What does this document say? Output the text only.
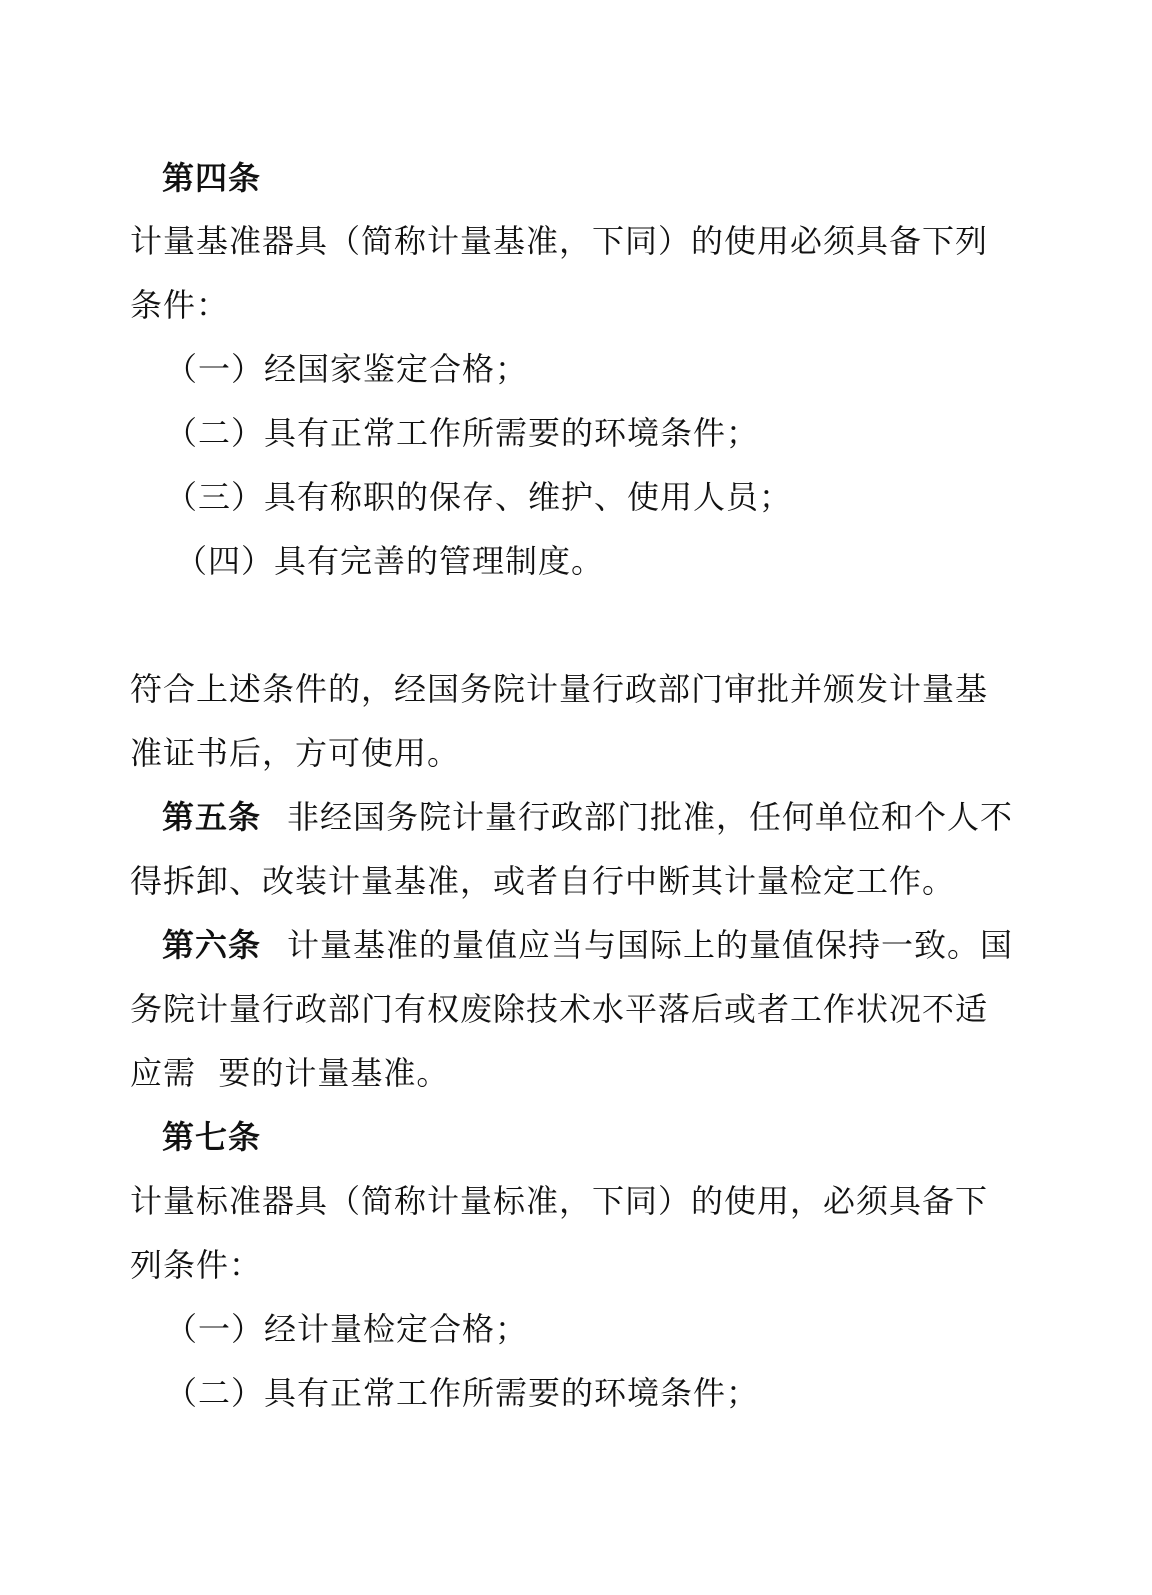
第四条
计量基准器具（简称计量基准，下同）的使用必须具备下列
条件：
（一）经国家鉴定合格；
（二）具有正常工作所需要的环境条件；
（三）具有称职的保存、维护、使用人员；
（四）具有完善的管理制度。
符合上述条件的，经国务院计量行政部门审批并颁发计量基
准证书后，方可使用。
第五条 非经国务院计量行政部门批准，任何单位和个人不
得拆卸、改装计量基准，或者自行中断其计量检定工作。
第六条 计量基准的量值应当与国际上的量值保持一致。国
务院计量行政部门有权废除技术水平落后或者工作状况不适
应需  要的计量基准。
第七条
计量标准器具（简称计量标准，下同）的使用，必须具备下
列条件：
（一）经计量检定合格；
（二）具有正常工作所需要的环境条件；
